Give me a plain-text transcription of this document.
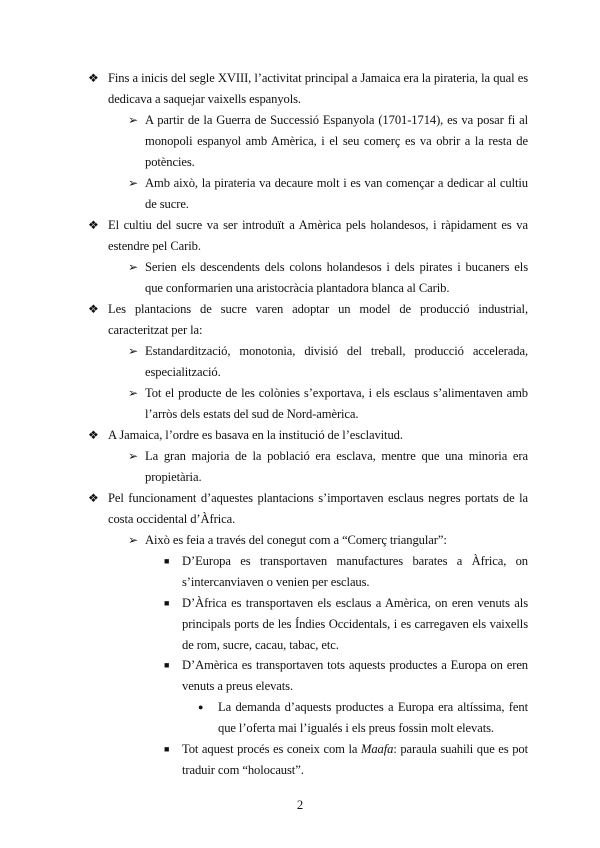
❖ Fins a inicis del segle XVIII, l’activitat principal a Jamaica era la pirateria, la qual es dedicava a saquejar vaixells espanyols.
➢ A partir de la Guerra de Successió Espanyola (1701-1714), es va posar fi al monopoli espanyol amb Amèrica, i el seu comerç es va obrir a la resta de potències.
➢ Amb això, la pirateria va decaure molt i es van començar a dedicar al cultiu de sucre.
❖ El cultiu del sucre va ser introduït a Amèrica pels holandesos, i ràpidament es va estendre pel Carib.
➢ Serien els descendents dels colons holandesos i dels pirates i bucaners els que conformarien una aristocràcia plantadora blanca al Carib.
❖ Les plantacions de sucre varen adoptar un model de producció industrial, caracteritzat per la:
➢ Estandardització, monotonia, divisió del treball, producció accelerada, especialització.
➢ Tot el producte de les colònies s’exportava, i els esclaus s’alimentaven amb l’arròs dels estats del sud de Nord-amèrica.
❖ A Jamaica, l’ordre es basava en la institució de l’esclavitud.
➢ La gran majoria de la població era esclava, mentre que una minoria era propietària.
❖ Pel funcionament d’aquestes plantacions s’importaven esclaus negres portats de la costa occidental d’Àfrica.
➢ Això es feia a través del conegut com a “Comerç triangular”:
■ D’Europa es transportaven manufactures barates a Àfrica, on s’intercanviaven o venien per esclaus.
■ D’Àfrica es transportaven els esclaus a Amèrica, on eren venuts als principals ports de les Índies Occidentals, i es carregaven els vaixells de rom, sucre, cacau, tabac, etc.
■ D’Amèrica es transportaven tots aquests productes a Europa on eren venuts a preus elevats.
● La demanda d’aquests productes a Europa era altíssima, fent que l’oferta mai l’igualés i els preus fossin molt elevats.
■ Tot aquest procés es coneix com la Maafa: paraula suahili que es pot traduir com “holocaust”.
2
